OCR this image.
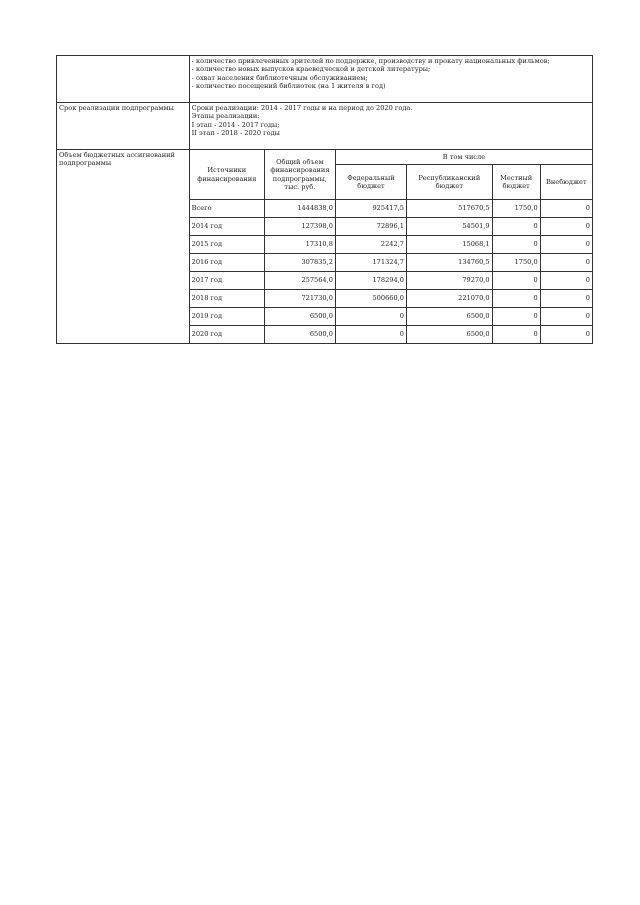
	- количество привлеченных зрителей по поддержке, производству и прокату национальных фильмов;
- количество новых выпусков краеведческой и детской литературы;
- охват населения библиотечным обслуживанием;
- количество посещений библиотек (на 1 жителя в год)					

Срок реализации подпрограммы	Сроки реализации: 2014 - 2017 годы и на период до 2020 года.
Этапы реализации:
I этап - 2014 - 2017 годы;
II этап - 2018 - 2020 годы					

Объем бюджетных ассигнований подпрограммы	Источники финансирования	Общий объем финансирования подпрограммы, тыс. руб.	В том числе			
			Федеральный бюджет	Республиканский бюджет	Местный бюджет	Внебюджет
	Всего	1444838,0	925417,5	517670,5	1750,0	0
	2014 год	127398,0	72896,1	54501,9	0	0
	2015 год	17310,8	2242,7	15068,1	0	0
	2016 год	307835,2	171324,7	134760,5	1750,0	0
	2017 год	257564,0	178294,0	79270,0	0	0
	2018 год	721730,0	500660,0	221070,0	0	0
	2019 год	6500,0	0	6500,0	0	0
	2020 год	6500,0	0	6500,0	0	0
